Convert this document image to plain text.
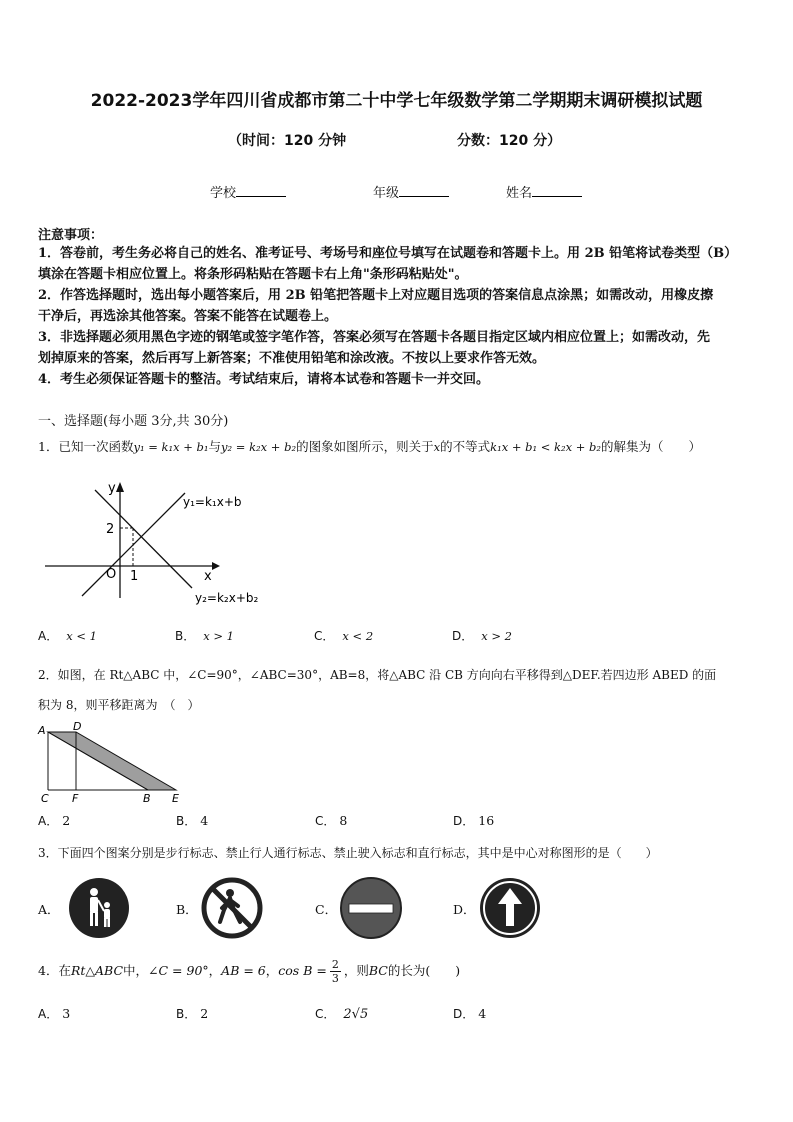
2022-2023学年四川省成都市第二十中学七年级数学第二学期期末调研模拟试题
（时间：120 分钟	分数：120 分）
学校	年级	姓名
注意事项：
1．答卷前，考生务必将自己的姓名、准考证号、考场号和座位号填写在试题卷和答题卡上。用 2B 铅笔将试卷类型（B）
填涂在答题卡相应位置上。将条形码粘贴在答题卡右上角"条形码粘贴处"。
2．作答选择题时，选出每小题答案后，用 2B 铅笔把答题卡上对应题目选项的答案信息点涂黑；如需改动，用橡皮擦
干净后，再选涂其他答案。答案不能答在试题卷上。
3．非选择题必须用黑色字迹的钢笔或签字笔作答，答案必须写在答题卡各题目指定区域内相应位置上；如需改动，先
划掉原来的答案，然后再写上新答案；不准使用铅笔和涂改液。不按以上要求作答无效。
4．考生必须保证答题卡的整洁。考试结束后，请将本试卷和答题卡一并交回。
一、选择题(每小题 3分,共 30分)
1．已知一次函数y₁ = k₁x + b₁与y₂ = k₂x + b₂的图象如图所示，则关于x的不等式k₁x + b₁ < k₂x + b₂的解集为（　　）
y
x
O 1
2
y₁=k₁x+b
y₂=k₂x+b₂
A． x < 1	B． x > 1	C． x < 2	D． x > 2
2．如图，在 Rt△ABC 中，∠C=90°，∠ABC=30°，AB=8，将△ABC 沿 CB 方向向右平移得到△DEF.若四边形 ABED 的面
积为 8，则平移距离为　（　）
A D
C F	B E
A． 2	B． 4	C． 8	D． 16
3．下面四个图案分别是步行标志、禁止行人通行标志、禁止驶入标志和直行标志，其中是中心对称图形的是（　　）
A．	B．	C．	D．
4．在Rt△ABC中，∠C = 90°，AB = 6，$\cos B = \frac{2}{3}$ ，则BC的长为(　　)
A． 3	B． 2	C． 2√5	D． 4
